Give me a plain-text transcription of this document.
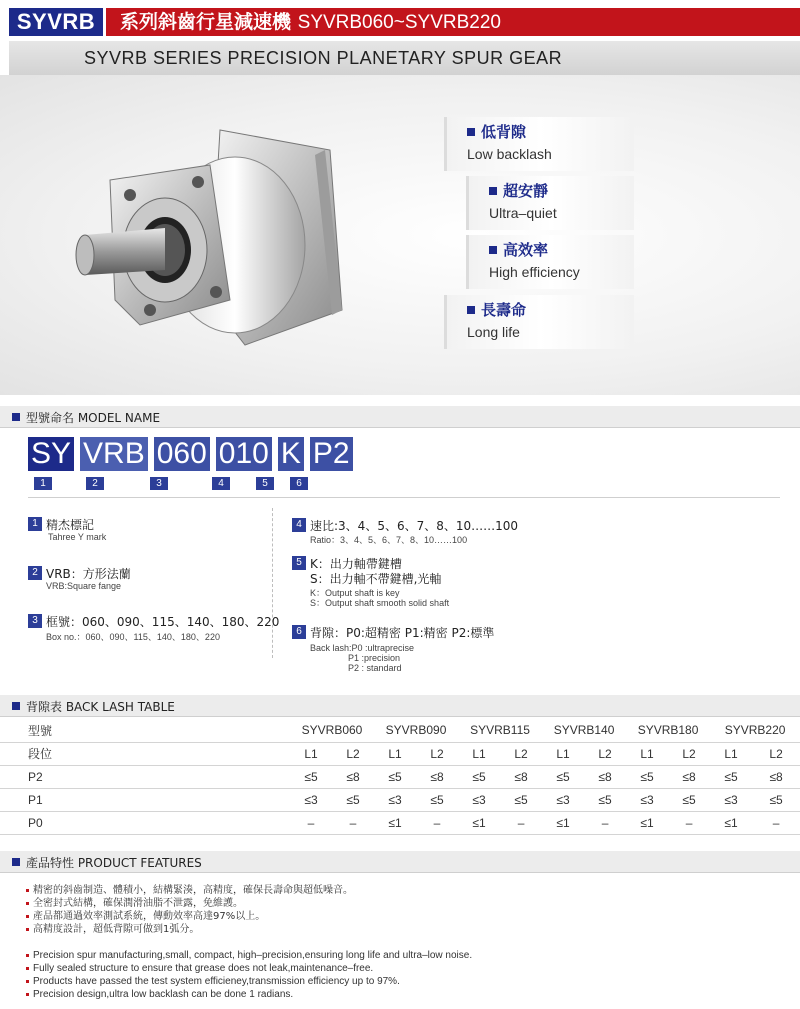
SYVRB	系列斜齒行星減速機 SYVRB060~SYVRB220
SYVRB SERIES PRECISION PLANETARY SPUR GEAR
低背隙
Low backlash
超安靜
Ultra–quiet
高效率
High efficiency
長壽命
Long life
型號命名 MODEL NAME
SY VRB 060 010 K P2
1	2	3	4	5	6
1 精杰標記
Tahree Y mark
2 VRB：方形法蘭
VRB:Square fange
3 框號：060、090、115、140、180、220
Box no.：060、090、115、140、180、220
4 速比:3、4、5、6、7、8、10……100
Ratio：3、4、5、6、7、8、10……100
5 K：出力軸帶鍵槽
S：出力軸不帶鍵槽,光軸
K：Output shaft is key
S：Output shaft smooth solid shaft
6 背隙：P0:超精密 P1:精密 P2:標準
Back lash:P0 :ultraprecise
P1 :precision
P2 : standard
背隙表 BACK LASH TABLE
型號	SYVRB060		SYVRB090		SYVRB115		SYVRB140		SYVRB180		SYVRB220	
段位	L1	L2	L1	L2	L1	L2	L1	L2	L1	L2	L1	L2
P2	≤5	≤8	≤5	≤8	≤5	≤8	≤5	≤8	≤5	≤8	≤5	≤8
P1	≤3	≤5	≤3	≤5	≤3	≤5	≤3	≤5	≤3	≤5	≤3	≤5
P0	–	–	≤1	–	≤1	–	≤1	–	≤1	–	≤1	–
產品特性 PRODUCT FEATURES
精密的斜齒制造、體積小，結構緊湊，高精度，確保長壽命與超低噪音。
全密封式結構，確保潤滑油脂不泄露，免維護。
產品都通過效率測試系統，傳動效率高達97%以上。
高精度設計，超低背隙可做到1弧分。
Precision spur manufacturing,small, compact, high–precision,ensuring long life and ultra–low noise.
Fully sealed structure to ensure that grease does not leak,maintenance–free.
Products have passed the test system efficieney,transmission efficiency up to 97%.
Precision design,ultra low backlash can be done 1 radians.
